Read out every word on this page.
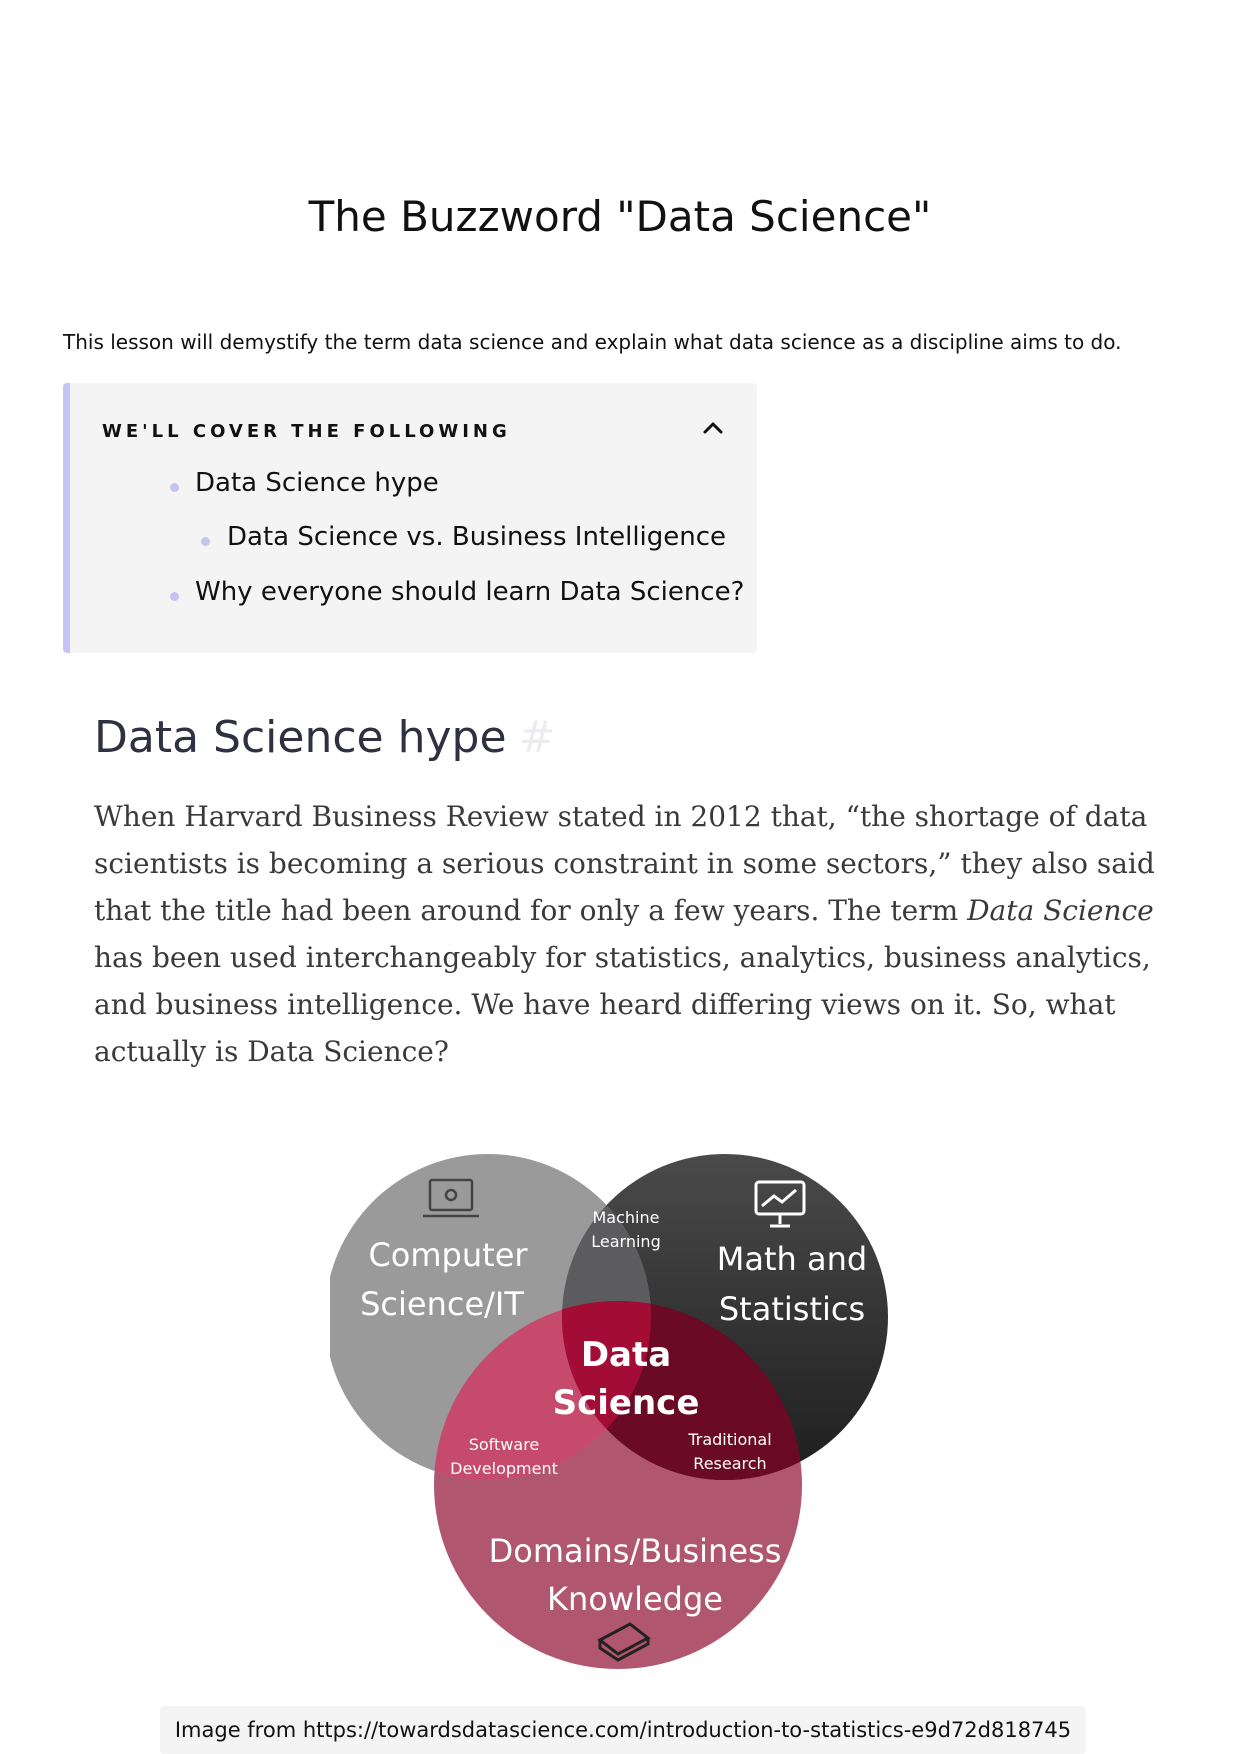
The Buzzword "Data Science"

This lesson will demystify the term data science and explain what data science as a discipline aims to do.

WE'LL COVER THE FOLLOWING
Data Science hype
Data Science vs. Business Intelligence
Why everyone should learn Data Science?
Data Science hype #

When Harvard Business Review stated in 2012 that, “the shortage of data scientists is becoming a serious constraint in some sectors,” they also said that the title had been around for only a few years. The term Data Science has been used interchangeably for statistics, analytics, business analytics, and business intelligence. We have heard differing views on it. So, what actually is Data Science?

Computer
Science/IT
Math and
Statistics
Domains/Business
Knowledge
Machine
Learning
Software
Development
Traditional
Research
Data
Science
Image from https://towardsdatascience.com/introduction-to-statistics-e9d72d818745
